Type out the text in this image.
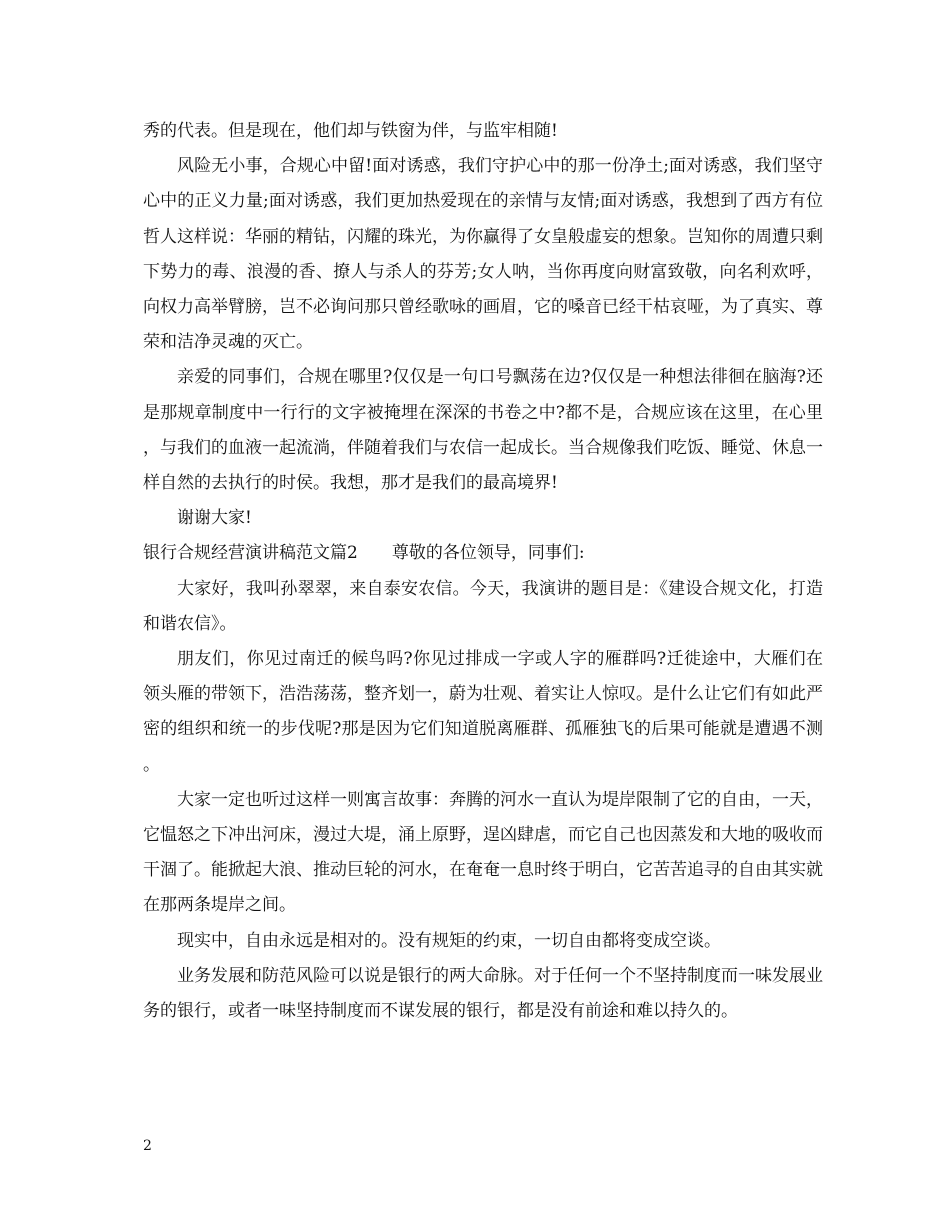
秀的代表。但是现在，他们却与铁窗为伴，与监牢相随!

风险无小事，合规心中留!面对诱惑，我们守护心中的那一份净土;面对诱惑，我们坚守心中的正义力量;面对诱惑，我们更加热爱现在的亲情与友情;面对诱惑，我想到了西方有位哲人这样说：华丽的精钻，闪耀的珠光，为你赢得了女皇般虚妄的想象。岂知你的周遭只剩下势力的毒、浪漫的香、撩人与杀人的芬芳;女人呐，当你再度向财富致敬，向名利欢呼，向权力高举臂膀，岂不必询问那只曾经歌咏的画眉，它的嗓音已经干枯哀哑，为了真实、尊荣和洁净灵魂的灭亡。

亲爱的同事们，合规在哪里?仅仅是一句口号飘荡在边?仅仅是一种想法徘徊在脑海?还是那规章制度中一行行的文字被掩埋在深深的书卷之中?都不是，合规应该在这里，在心里，与我们的血液一起流淌，伴随着我们与农信一起成长。当合规像我们吃饭、睡觉、休息一样自然的去执行的时侯。我想，那才是我们的最高境界!

谢谢大家!

银行合规经营演讲稿范文篇2　　尊敬的各位领导，同事们:

大家好，我叫孙翠翠，来自泰安农信。今天，我演讲的题目是：《建设合规文化，打造和谐农信》。

朋友们，你见过南迁的候鸟吗?你见过排成一字或人字的雁群吗?迁徙途中，大雁们在领头雁的带领下，浩浩荡荡，整齐划一，蔚为壮观、着实让人惊叹。是什么让它们有如此严密的组织和统一的步伐呢?那是因为它们知道脱离雁群、孤雁独飞的后果可能就是遭遇不测。

大家一定也听过这样一则寓言故事：奔腾的河水一直认为堤岸限制了它的自由，一天，它愠怒之下冲出河床，漫过大堤，涌上原野，逞凶肆虐，而它自己也因蒸发和大地的吸收而干涸了。能掀起大浪、推动巨轮的河水，在奄奄一息时终于明白，它苦苦追寻的自由其实就在那两条堤岸之间。

现实中，自由永远是相对的。没有规矩的约束，一切自由都将变成空谈。

业务发展和防范风险可以说是银行的两大命脉。对于任何一个不坚持制度而一味发展业务的银行，或者一味坚持制度而不谋发展的银行，都是没有前途和难以持久的。

2
